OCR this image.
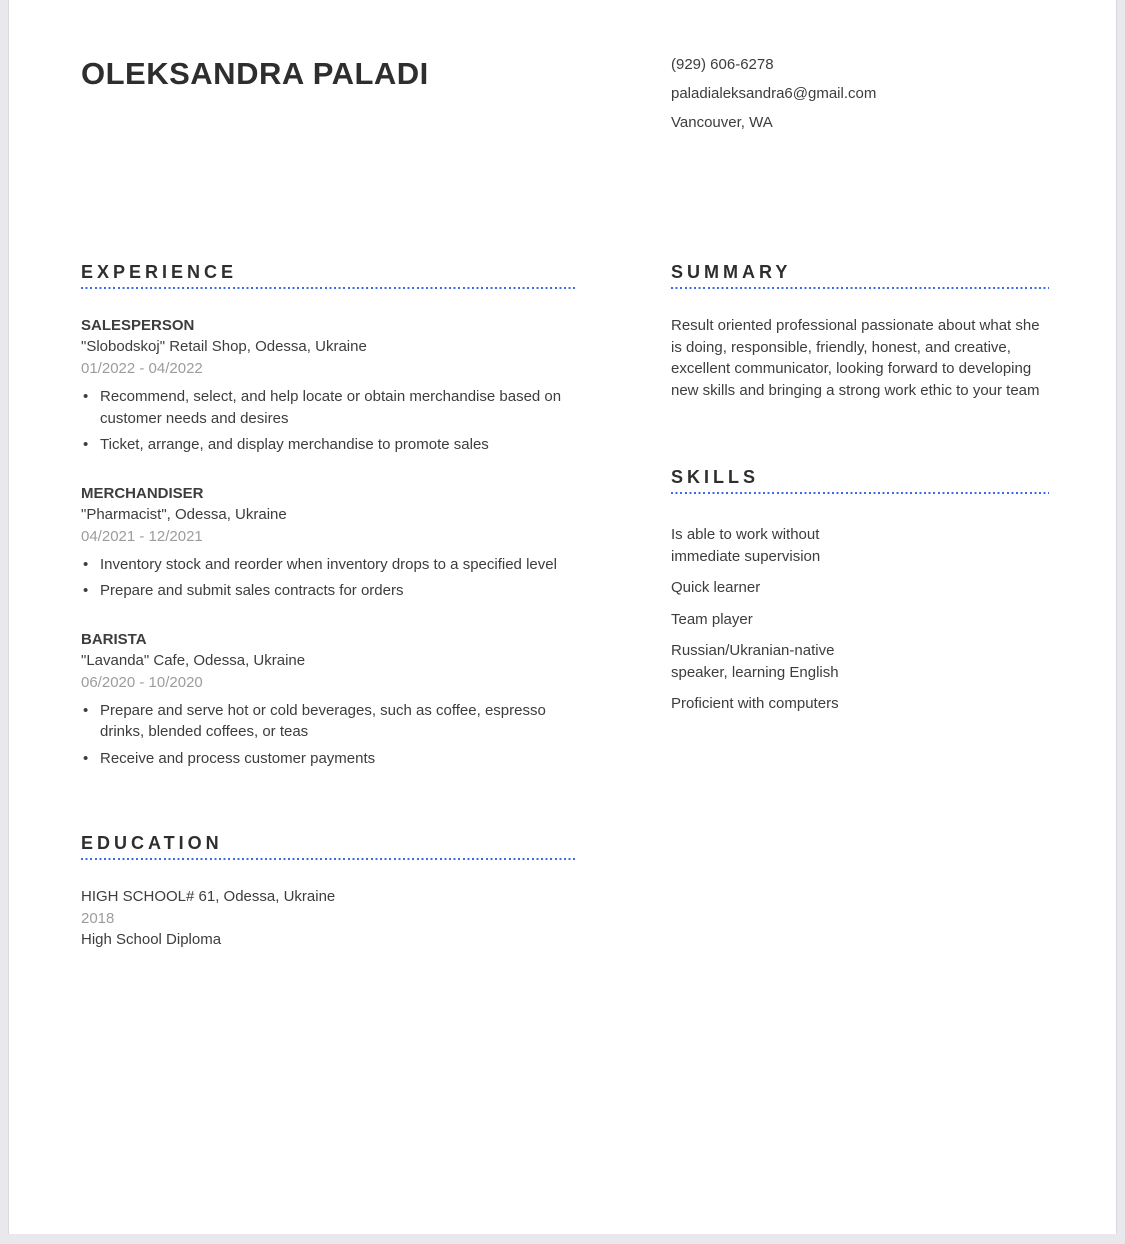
OLEKSANDRA PALADI	(929) 606-6278
paladialeksandra6@gmail.com
Vancouver, WA
EXPERIENCE
SALESPERSON
"Slobodskoj" Retail Shop, Odessa, Ukraine
01/2022 - 04/2022
• Recommend, select, and help locate or obtain merchandise based on customer needs and desires
• Ticket, arrange, and display merchandise to promote sales
MERCHANDISER
"Pharmacist", Odessa, Ukraine
04/2021 - 12/2021
• Inventory stock and reorder when inventory drops to a specified level
• Prepare and submit sales contracts for orders
BARISTA
"Lavanda" Cafe, Odessa, Ukraine
06/2020 - 10/2020
• Prepare and serve hot or cold beverages, such as coffee, espresso drinks, blended coffees, or teas
• Receive and process customer payments
EDUCATION
HIGH SCHOOL# 61, Odessa, Ukraine
2018
High School Diploma
SUMMARY

Result oriented professional passionate about what she is doing, responsible, friendly, honest, and creative, excellent communicator, looking forward to developing new skills and bringing a strong work ethic to your team

SKILLS
Is able to work without immediate supervision
Quick learner
Team player
Russian/Ukranian-native speaker, learning English
Proficient with computers
